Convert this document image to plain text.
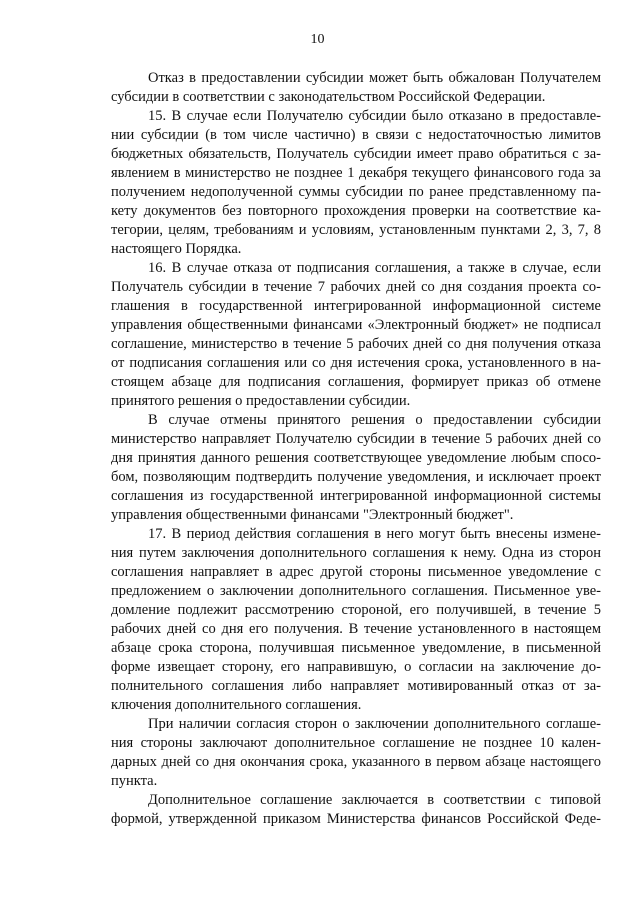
10
Отказ в предоставлении субсидии может быть обжалован Получателем
субсидии в соответствии с законодательством Российской Федерации.
15. В случае если Получателю субсидии было отказано в предоставле-
нии субсидии (в том числе частично) в связи с недостаточностью лимитов
бюджетных обязательств, Получатель субсидии имеет право обратиться с за-
явлением в министерство не позднее 1 декабря текущего финансового года за
получением недополученной суммы субсидии по ранее представленному па-
кету документов без повторного прохождения проверки на соответствие ка-
тегории, целям, требованиям и условиям, установленным пунктами 2, 3, 7, 8
настоящего Порядка.
16. В случае отказа от подписания соглашения, а также в случае, если
Получатель субсидии в течение 7 рабочих дней со дня создания проекта со-
глашения в государственной интегрированной информационной системе
управления общественными финансами «Электронный бюджет» не подписал
соглашение, министерство в течение 5 рабочих дней со дня получения отказа
от подписания соглашения или со дня истечения срока, установленного в на-
стоящем абзаце для подписания соглашения, формирует приказ об отмене
принятого решения о предоставлении субсидии.
В случае отмены принятого решения о предоставлении субсидии
министерство направляет Получателю субсидии в течение 5 рабочих дней со
дня принятия данного решения соответствующее уведомление любым спосо-
бом, позволяющим подтвердить получение уведомления, и исключает проект
соглашения из государственной интегрированной информационной системы
управления общественными финансами "Электронный бюджет".
17. В период действия соглашения в него могут быть внесены измене-
ния путем заключения дополнительного соглашения к нему. Одна из сторон
соглашения направляет в адрес другой стороны письменное уведомление с
предложением о заключении дополнительного соглашения. Письменное уве-
домление подлежит рассмотрению стороной, его получившей, в течение 5
рабочих дней со дня его получения. В течение установленного в настоящем
абзаце срока сторона, получившая письменное уведомление, в письменной
форме извещает сторону, его направившую, о согласии на заключение до-
полнительного соглашения либо направляет мотивированный отказ от за-
ключения дополнительного соглашения.
При наличии согласия сторон о заключении дополнительного соглаше-
ния стороны заключают дополнительное соглашение не позднее 10 кален-
дарных дней со дня окончания срока, указанного в первом абзаце настоящего
пункта.
Дополнительное соглашение заключается в соответствии с типовой
формой, утвержденной приказом Министерства финансов Российской Феде-
